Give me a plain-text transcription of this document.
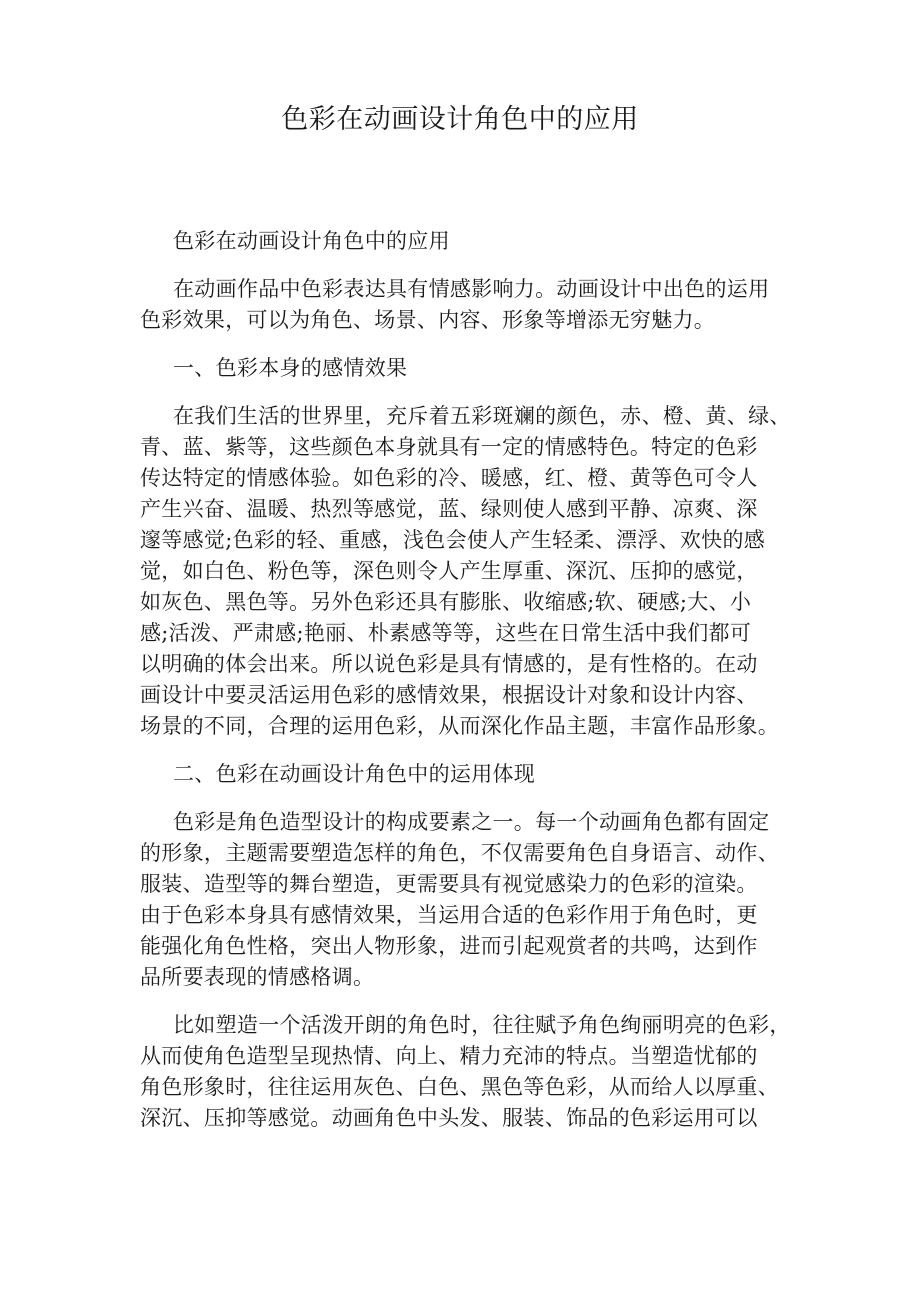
色彩在动画设计角色中的应用
色彩在动画设计角色中的应用
在动画作品中色彩表达具有情感影响力。动画设计中出色的运用
色彩效果，可以为角色、场景、内容、形象等增添无穷魅力。
一、色彩本身的感情效果
在我们生活的世界里，充斥着五彩斑斓的颜色，赤、橙、黄、绿、
青、蓝、紫等，这些颜色本身就具有一定的情感特色。特定的色彩
传达特定的情感体验。如色彩的冷、暖感，红、橙、黄等色可令人
产生兴奋、温暖、热烈等感觉，蓝、绿则使人感到平静、凉爽、深
邃等感觉;色彩的轻、重感，浅色会使人产生轻柔、漂浮、欢快的感
觉，如白色、粉色等，深色则令人产生厚重、深沉、压抑的感觉，
如灰色、黑色等。另外色彩还具有膨胀、收缩感;软、硬感;大、小
感;活泼、严肃感;艳丽、朴素感等等，这些在日常生活中我们都可
以明确的体会出来。所以说色彩是具有情感的，是有性格的。在动
画设计中要灵活运用色彩的感情效果，根据设计对象和设计内容、
场景的不同，合理的运用色彩，从而深化作品主题，丰富作品形象。
二、色彩在动画设计角色中的运用体现
色彩是角色造型设计的构成要素之一。每一个动画角色都有固定
的形象，主题需要塑造怎样的角色，不仅需要角色自身语言、动作、
服装、造型等的舞台塑造，更需要具有视觉感染力的色彩的渲染。
由于色彩本身具有感情效果，当运用合适的色彩作用于角色时，更
能强化角色性格，突出人物形象，进而引起观赏者的共鸣，达到作
品所要表现的情感格调。
比如塑造一个活泼开朗的角色时，往往赋予角色绚丽明亮的色彩，
从而使角色造型呈现热情、向上、精力充沛的特点。当塑造忧郁的
角色形象时，往往运用灰色、白色、黑色等色彩，从而给人以厚重、
深沉、压抑等感觉。动画角色中头发、服装、饰品的色彩运用可以
